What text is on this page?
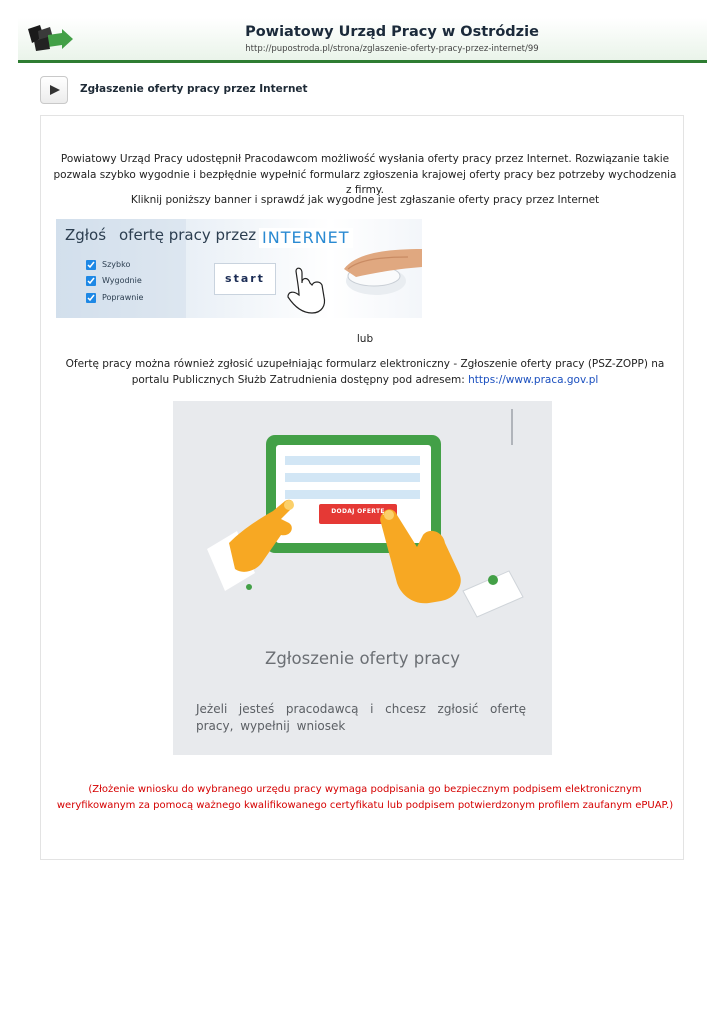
Powiatowy Urząd Pracy w Ostródzie
http://pupostroda.pl/strona/zglaszenie-oferty-pracy-przez-internet/99
Zgłaszenie oferty pracy przez Internet
Powiatowy Urząd Pracy udostępnił Pracodawcom możliwość wysłania oferty pracy przez Internet. Rozwiązanie takie pozwala szybko wygodnie i bezpłędnie wypełnić formularz zgłoszenia krajowej oferty pracy bez potrzeby wychodzenia z firmy.
Kliknij poniższy banner i sprawdź jak wygodne jest zgłaszanie oferty pracy przez Internet
Zgłoś ofertę pracy przez INTERNET
Szybko
Wygodnie
Poprawnie
start
lub
Ofertę pracy można również zgłosić uzupełniając formularz elektroniczny - Zgłoszenie oferty pracy (PSZ-ZOPP) na portalu Publicznych Służb Zatrudnienia dostępny pod adresem: https://www.praca.gov.pl
DODAJ OFERTĘ
Zgłoszenie oferty pracy
Jeżeli jesteś pracodawcą i chcesz zgłosić ofertę pracy, wypełnij wniosek
(Złożenie wniosku do wybranego urzędu pracy wymaga podpisania go bezpiecznym podpisem elektronicznym weryfikowanym za pomocą ważnego kwalifikowanego certyfikatu lub podpisem potwierdzonym profilem zaufanym ePUAP.)
